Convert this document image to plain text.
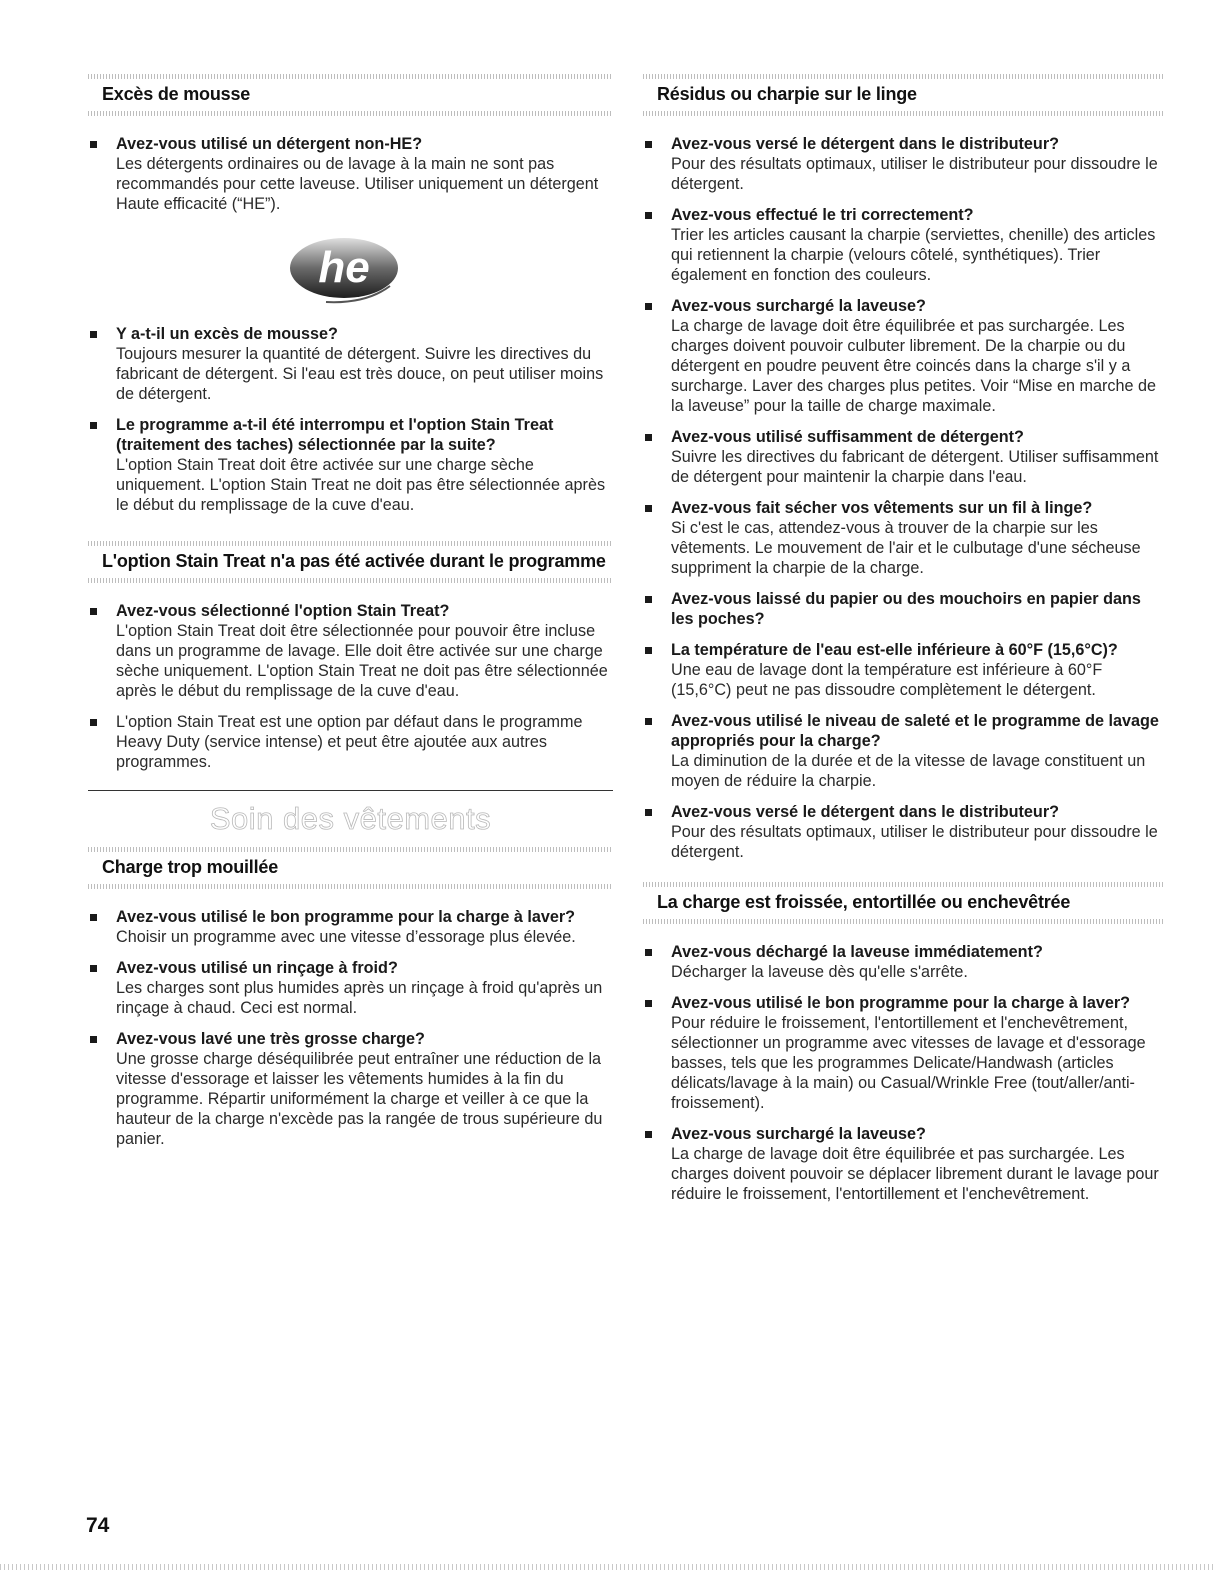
Excès de mousse
Avez-vous utilisé un détergent non-HE?
Les détergents ordinaires ou de lavage à la main ne sont pas recommandés pour cette laveuse. Utiliser uniquement un détergent Haute efficacité (“HE”).
he
Y a-t-il un excès de mousse?
Toujours mesurer la quantité de détergent. Suivre les directives du fabricant de détergent. Si l'eau est très douce, on peut utiliser moins de détergent.
Le programme a-t-il été interrompu et l'option Stain Treat (traitement des taches) sélectionnée par la suite?
L'option Stain Treat doit être activée sur une charge sèche uniquement. L'option Stain Treat ne doit pas être sélectionnée après le début du remplissage de la cuve d'eau.
L'option Stain Treat n'a pas été activée durant le programme
Avez-vous sélectionné l'option Stain Treat?
L'option Stain Treat doit être sélectionnée pour pouvoir être incluse dans un programme de lavage. Elle doit être activée sur une charge sèche uniquement. L'option Stain Treat ne doit pas être sélectionnée après le début du remplissage de la cuve d'eau.
L'option Stain Treat est une option par défaut dans le programme Heavy Duty (service intense) et peut être ajoutée aux autres programmes.
Soin des vêtements
Charge trop mouillée
Avez-vous utilisé le bon programme pour la charge à laver?
Choisir un programme avec une vitesse d’essorage plus élevée.
Avez-vous utilisé un rinçage à froid?
Les charges sont plus humides après un rinçage à froid qu'après un rinçage à chaud. Ceci est normal.
Avez-vous lavé une très grosse charge?
Une grosse charge déséquilibrée peut entraîner une réduction de la vitesse d'essorage et laisser les vêtements humides à la fin du programme. Répartir uniformément la charge et veiller à ce que la hauteur de la charge n'excède pas la rangée de trous supérieure du panier.
Résidus ou charpie sur le linge
Avez-vous versé le détergent dans le distributeur?
Pour des résultats optimaux, utiliser le distributeur pour dissoudre le détergent.
Avez-vous effectué le tri correctement?
Trier les articles causant la charpie (serviettes, chenille) des articles qui retiennent la charpie (velours côtelé, synthétiques). Trier également en fonction des couleurs.
Avez-vous surchargé la laveuse?
La charge de lavage doit être équilibrée et pas surchargée. Les charges doivent pouvoir culbuter librement. De la charpie ou du détergent en poudre peuvent être coincés dans la charge s'il y a surcharge. Laver des charges plus petites. Voir “Mise en marche de la laveuse” pour la taille de charge maximale.
Avez-vous utilisé suffisamment de détergent?
Suivre les directives du fabricant de détergent. Utiliser suffisamment de détergent pour maintenir la charpie dans l'eau.
Avez-vous fait sécher vos vêtements sur un fil à linge?
Si c'est le cas, attendez-vous à trouver de la charpie sur les vêtements. Le mouvement de l'air et le culbutage d'une sécheuse suppriment la charpie de la charge.
Avez-vous laissé du papier ou des mouchoirs en papier dans les poches?
La température de l'eau est-elle inférieure à 60°F (15,6°C)?
Une eau de lavage dont la température est inférieure à 60°F (15,6°C) peut ne pas dissoudre complètement le détergent.
Avez-vous utilisé le niveau de saleté et le programme de lavage appropriés pour la charge?
La diminution de la durée et de la vitesse de lavage constituent un moyen de réduire la charpie.
Avez-vous versé le détergent dans le distributeur?
Pour des résultats optimaux, utiliser le distributeur pour dissoudre le détergent.
La charge est froissée, entortillée ou enchevêtrée
Avez-vous déchargé la laveuse immédiatement?
Décharger la laveuse dès qu'elle s'arrête.
Avez-vous utilisé le bon programme pour la charge à laver?
Pour réduire le froissement, l'entortillement et l'enchevêtrement, sélectionner un programme avec vitesses de lavage et d'essorage basses, tels que les programmes Delicate/Handwash (articles délicats/lavage à la main) ou Casual/Wrinkle Free (tout/aller/anti-froissement).
Avez-vous surchargé la laveuse?
La charge de lavage doit être équilibrée et pas surchargée. Les charges doivent pouvoir se déplacer librement durant le lavage pour réduire le froissement, l'entortillement et l'enchevêtrement.
74
